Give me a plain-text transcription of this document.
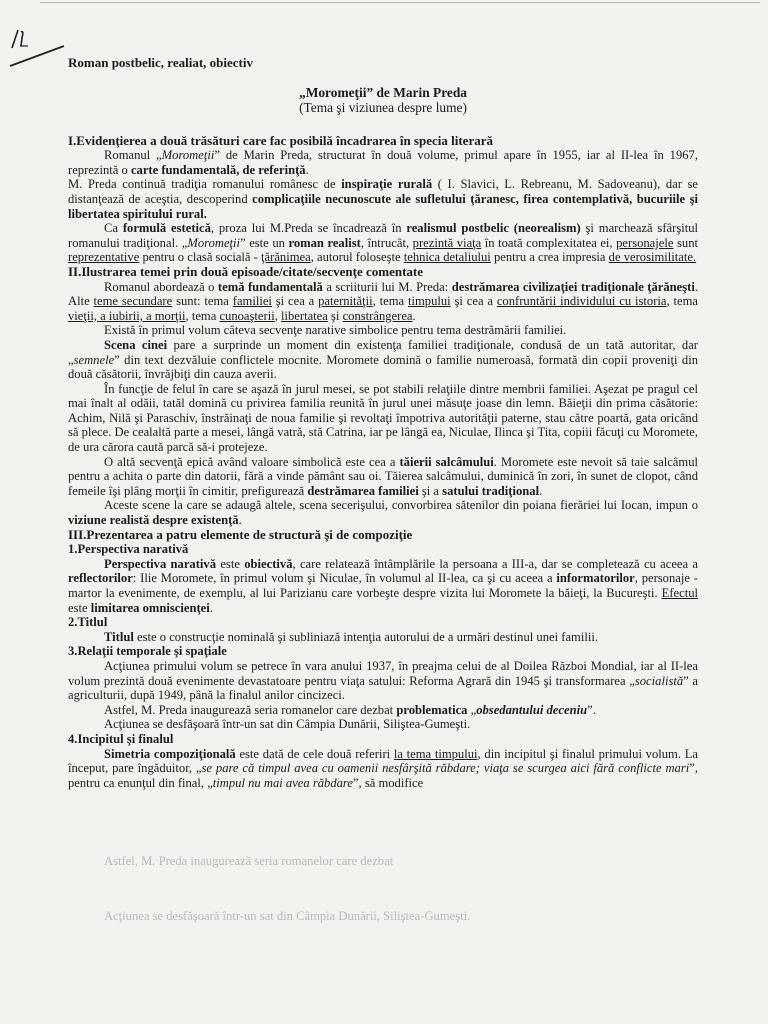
Roman postbelic, realiat, obiectiv
„Moromeţii” de Marin Preda
(Tema şi viziunea despre lume)
I.Evidenţierea a două trăsături care fac posibilă încadrarea în specia literară

Romanul „Moromeţii” de Marin Preda, structurat în două volume, primul apare în 1955, iar al II-lea în 1967, reprezintă o carte fundamentală, de referinţă.

M. Preda continuă tradiţia romanului românesc de inspiraţie rurală ( I. Slavici, L. Rebreanu, M. Sadoveanu), dar se distanţează de aceştia, descoperind complicaţiile necunoscute ale sufletului ţăranesc, firea contemplativă, bucuriile şi libertatea spiritului rural.

Ca formulă estetică, proza lui M.Preda se încadrează în realismul postbelic (neorealism) şi marchează sfârşitul romanului tradiţional. „Moromeţii” este un roman realist, întrucât, prezintă viaţa în toată complexitatea ei, personajele sunt reprezentative pentru o clasă socială - ţărănimea, autorul foloseşte tehnica detaliului pentru a crea impresia de verosimilitate.

II.Ilustrarea temei prin două episoade/citate/secvenţe comentate

Romanul abordează o temă fundamentală a scriiturii lui M. Preda: destrămarea civilizaţiei tradiţionale ţărăneşti. Alte teme secundare sunt: tema familiei şi cea a paternităţii, tema timpului şi cea a confruntării individului cu istoria, tema vieţii, a iubirii, a morţii, tema cunoaşterii, libertatea şi constrângerea.

Există în primul volum câteva secvenţe narative simbolice pentru tema destrămării familiei.

Scena cinei pare a surprinde un moment din existenţa familiei tradiţionale, condusă de un tată autoritar, dar „semnele” din text dezvăluie conflictele mocnite. Moromete domină o familie numeroasă, formată din copii proveniţi din două căsătorii, învrăjbiţi din cauza averii.

În funcţie de felul în care se aşază în jurul mesei, se pot stabili relaţiile dintre membrii familiei. Aşezat pe pragul cel mai înalt al odăii, tatăl domină cu privirea familia reunită în jurul unei măsuţe joase din lemn. Băieţii din prima căsătorie: Achim, Nilă şi Paraschiv, înstrăinaţi de noua familie şi revoltaţi împotriva autorităţii paterne, stau către poartă, gata oricând să plece. De cealaltă parte a mesei, lângă vatră, stă Catrina, iar pe lângă ea, Niculae, Ilinca şi Tita, copiii făcuţi cu Moromete, de ura cărora caută parcă să-i protejeze.

O altă secvenţă epică având valoare simbolică este cea a tăierii salcâmului. Moromete este nevoit să taie salcâmul pentru a achita o parte din datorii, fără a vinde pământ sau oi. Tăierea salcâmului, duminică în zori, în sunet de clopot, când femeile îşi plâng morţii în cimitir, prefigurează destrămarea familiei şi a satului tradiţional.

Aceste scene la care se adaugă altele, scena secerişului, convorbirea sătenilor din poiana fierăriei lui Iocan, impun o viziune realistă despre existenţă.

III.Prezentarea a patru elemente de structură şi de compoziţie
1.Perspectiva narativă

Perspectiva narativă este obiectivă, care relatează întâmplările la persoana a III-a, dar se completează cu aceea a reflectorilor: Ilie Moromete, în primul volum şi Niculae, în volumul al II-lea, ca şi cu aceea a informatorilor, personaje - martor la evenimente, de exemplu, al lui Parizianu care vorbeşte despre vizita lui Moromete la băieţi, la Bucureşti. Efectul este limitarea omniscienţei.

2.Titlul

Titlul este o construcţie nominală şi subliniază intenţia autorului de a urmări destinul unei familii.

3.Relaţii temporale şi spaţiale

Acţiunea primului volum se petrece în vara anului 1937, în preajma celui de al Doilea Război Mondial, iar al II-lea volum prezintă două evenimente devastatoare pentru viaţa satului: Reforma Agrară din 1945 şi transformarea „socialistă” a agriculturii, după 1949, până la finalul anilor cincizeci.

Astfel, M. Preda inaugurează seria romanelor care dezbat problematica „obsedantului deceniu”.

Acţiunea se desfăşoară într-un sat din Câmpia Dunării, Siliştea-Gumeşti.

4.Incipitul şi finalul

Simetria compoziţională este dată de cele două referiri la tema timpului, din incipitul şi finalul primului volum. La început, pare îngăduitor, „se pare că timpul avea cu oamenii nesfârşită răbdare; viaţa se scurgea aici fără conflicte mari”, pentru ca enunţul din final, „timpul nu mai avea răbdare”, să modifice

Astfel, M. Preda inaugurează seria romanelor care dezbat

Acţiunea se desfăşoară într-un sat din Câmpia Dunării, Siliştea-Gumeşti.
